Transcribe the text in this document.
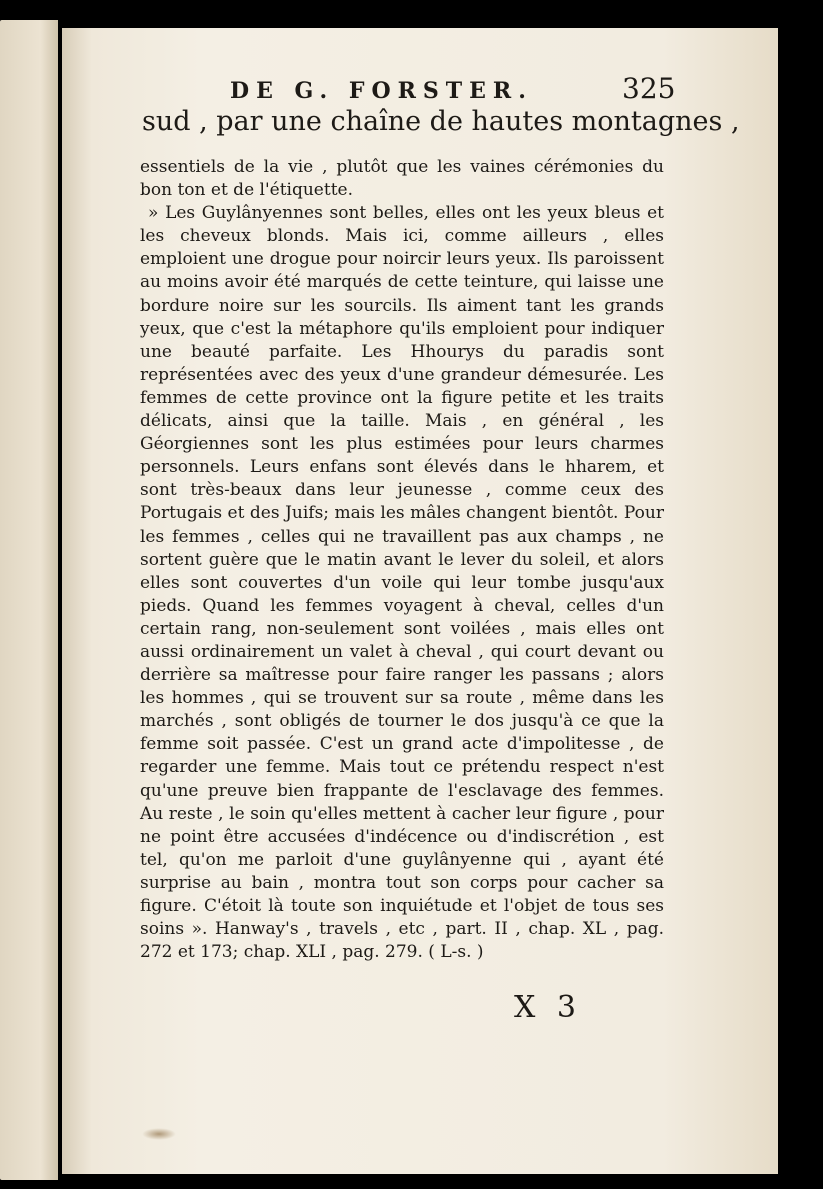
DE G. FORSTER.	325
sud , par une chaîne de hautes montagnes ,

essentiels de la vie , plutôt que les vaines cérémonies du bon ton et de l'étiquette.

» Les Guylânyennes sont belles, elles ont les yeux bleus et les cheveux blonds. Mais ici, comme ailleurs , elles emploient une drogue pour noircir leurs yeux. Ils paroissent au moins avoir été marqués de cette teinture, qui laisse une bordure noire sur les sourcils. Ils aiment tant les grands yeux, que c'est la métaphore qu'ils emploient pour indiquer une beauté parfaite. Les Hhourys du paradis sont représentées avec des yeux d'une grandeur démesurée. Les femmes de cette province ont la figure petite et les traits délicats, ainsi que la taille. Mais , en général , les Géorgiennes sont les plus estimées pour leurs charmes personnels. Leurs enfans sont élevés dans le hharem, et sont très-beaux dans leur jeunesse , comme ceux des Portugais et des Juifs; mais les mâles changent bientôt. Pour les femmes , celles qui ne travaillent pas aux champs , ne sortent guère que le matin avant le lever du soleil, et alors elles sont couvertes d'un voile qui leur tombe jusqu'aux pieds. Quand les femmes voyagent à cheval, celles d'un certain rang, non-seulement sont voilées , mais elles ont aussi ordinairement un valet à cheval , qui court devant ou derrière sa maîtresse pour faire ranger les passans ; alors les hommes , qui se trouvent sur sa route , même dans les marchés , sont obligés de tourner le dos jusqu'à ce que la femme soit passée. C'est un grand acte d'impolitesse , de regarder une femme. Mais tout ce prétendu respect n'est qu'une preuve bien frappante de l'esclavage des femmes. Au reste , le soin qu'elles mettent à cacher leur figure , pour ne point être accusées d'indécence ou d'indiscrétion , est tel, qu'on me parloit d'une guylânyenne qui , ayant été surprise au bain , montra tout son corps pour cacher sa figure. C'étoit là toute son inquiétude et l'objet de tous ses soins ». Hanway's , travels , etc , part. II , chap. XL , pag. 272 et 173; chap. XLI , pag. 279. ( L-s. )

X 3
